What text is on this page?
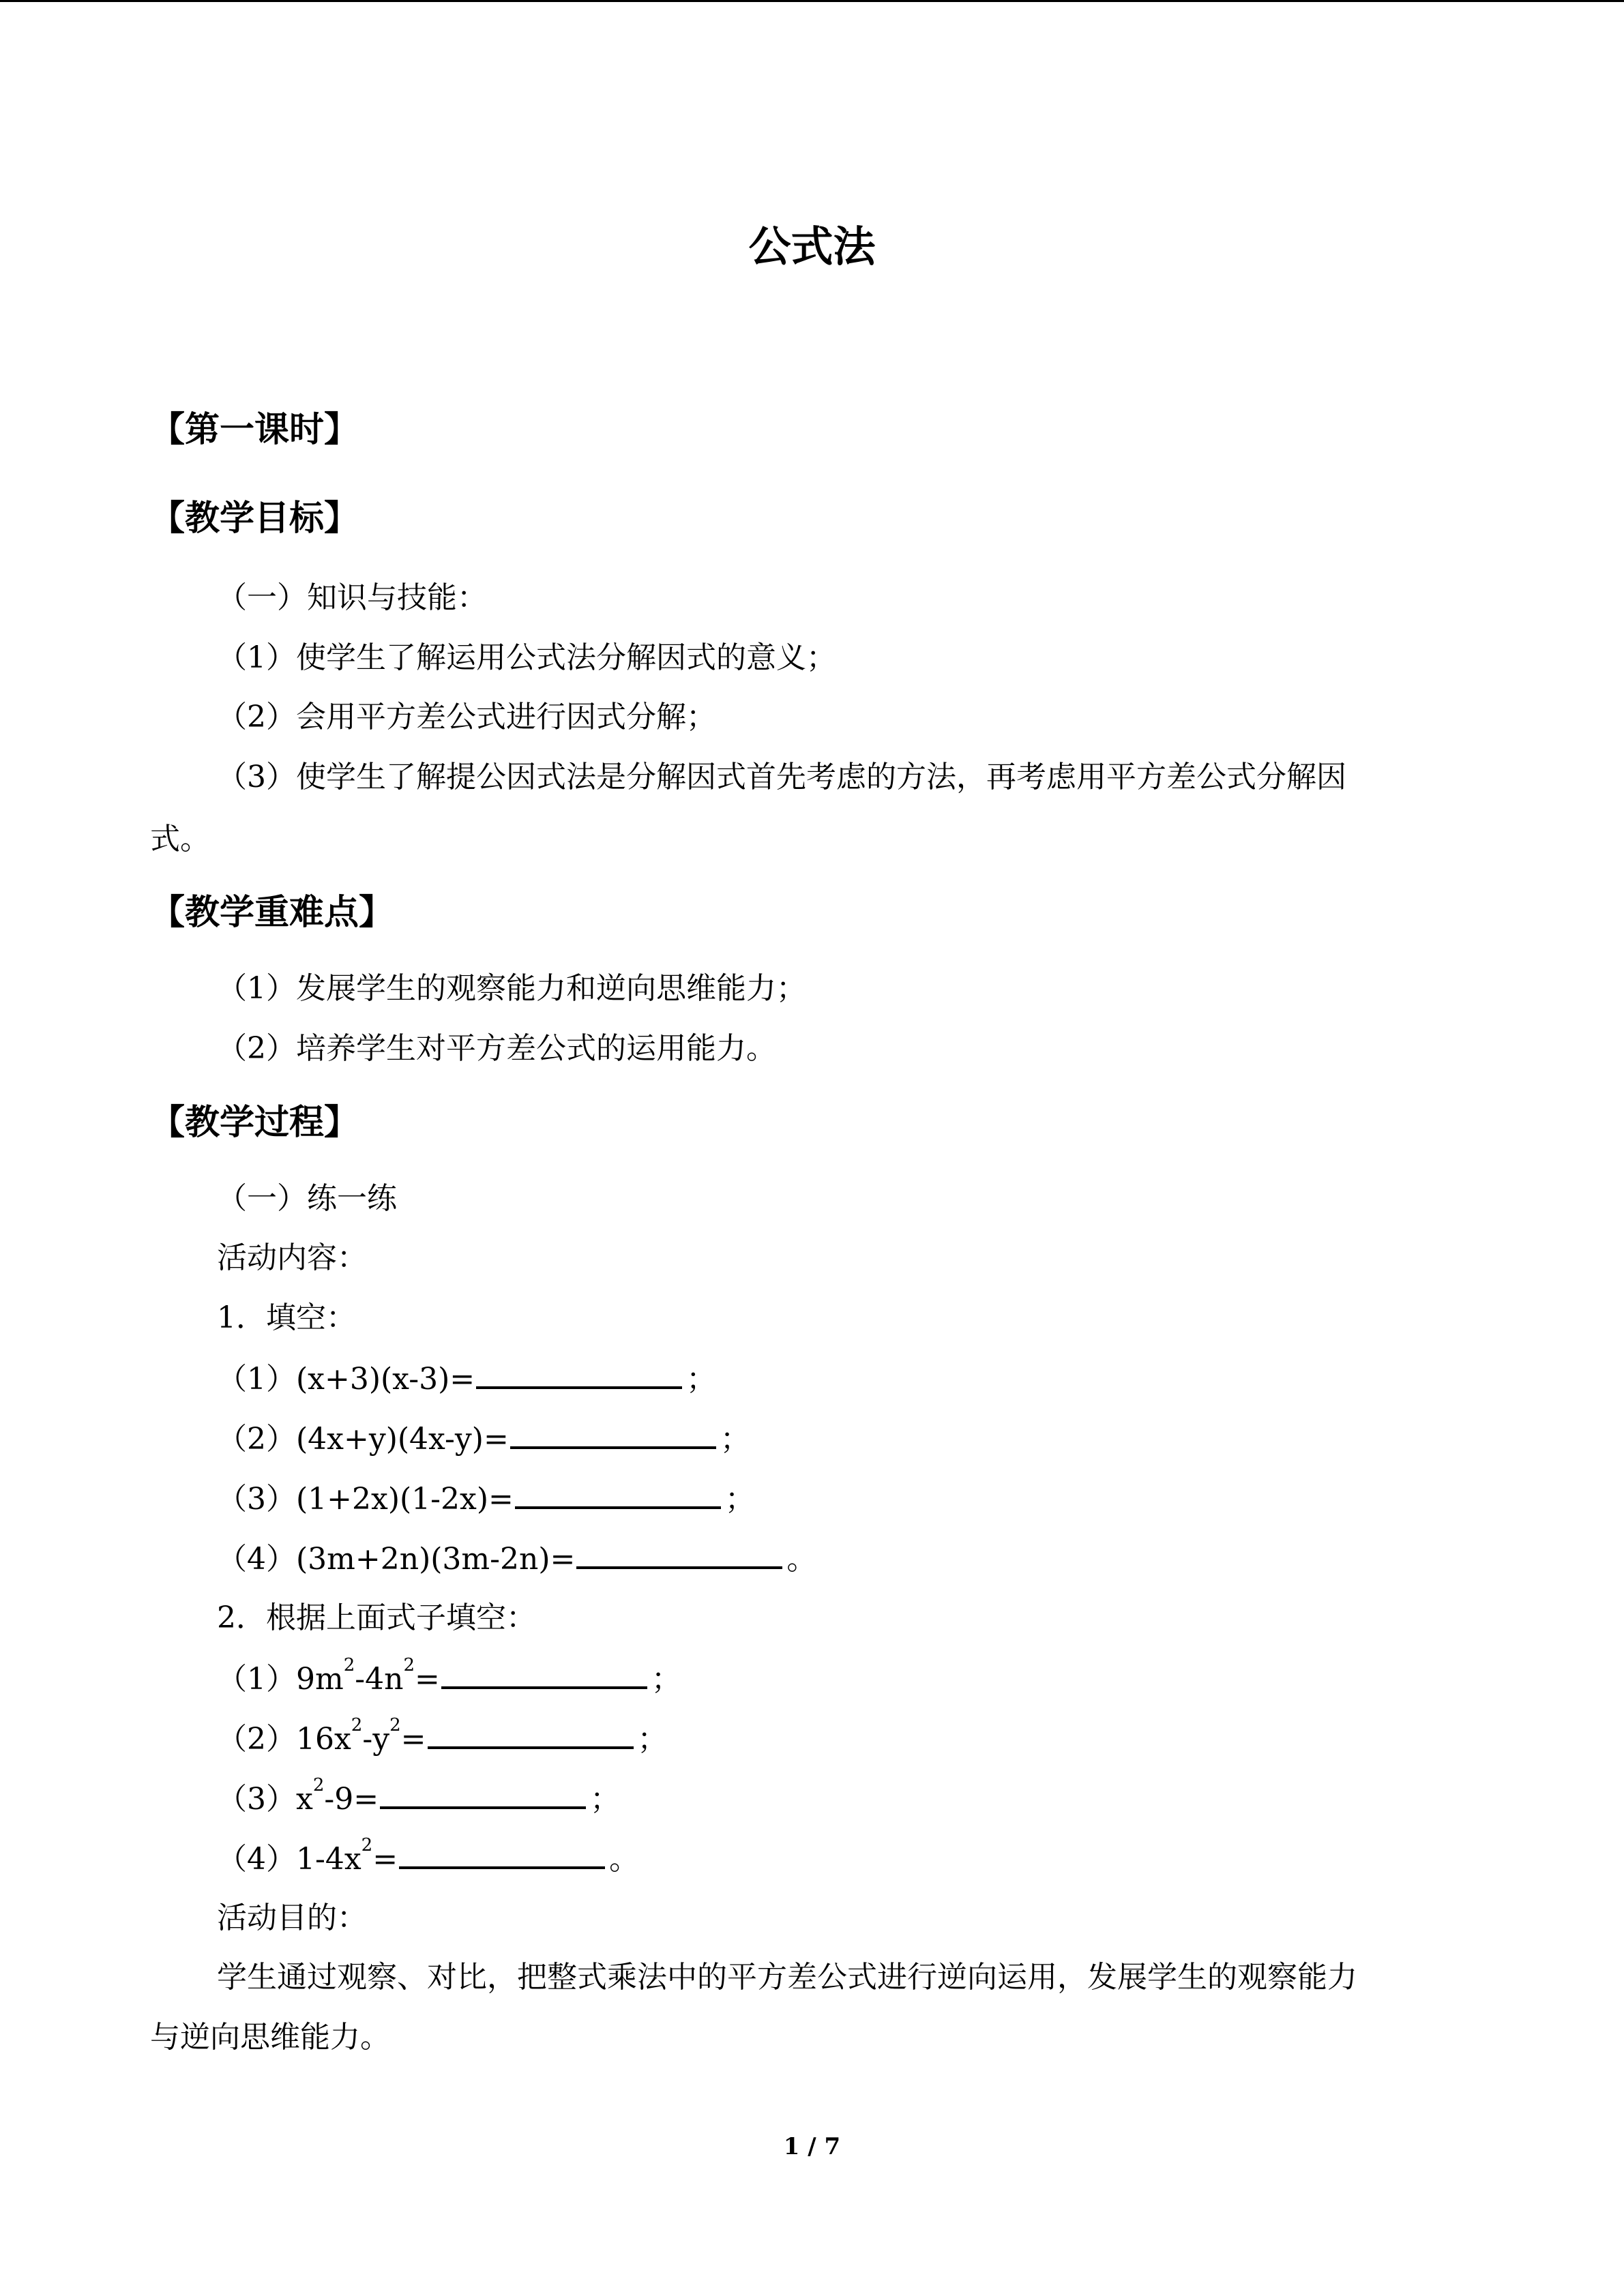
公式法
【第一课时】
【教学目标】
（一）知识与技能：
（1）使学生了解运用公式法分解因式的意义；
（2）会用平方差公式进行因式分解；
（3）使学生了解提公因式法是分解因式首先考虑的方法，再考虑用平方差公式分解因
式。
【教学重难点】
（1）发展学生的观察能力和逆向思维能力；
（2）培养学生对平方差公式的运用能力。
【教学过程】
（一）练一练
活动内容：
1．填空：
（1）(x+3)(x-3)=	；
（2）(4x+y)(4x-y)=	；
（3）(1+2x)(1-2x)=	；
（4）(3m+2n)(3m-2n)=	。
2．根据上面式子填空：
$(1)9m^2-4n^2=$	；
$(2)16x^2-y^2=$	；
$(3)x^2-9=$	；
$(4)1-4x^2=$	。
活动目的：
学生通过观察、对比，把整式乘法中的平方差公式进行逆向运用，发展学生的观察能力
与逆向思维能力。
1 / 7
